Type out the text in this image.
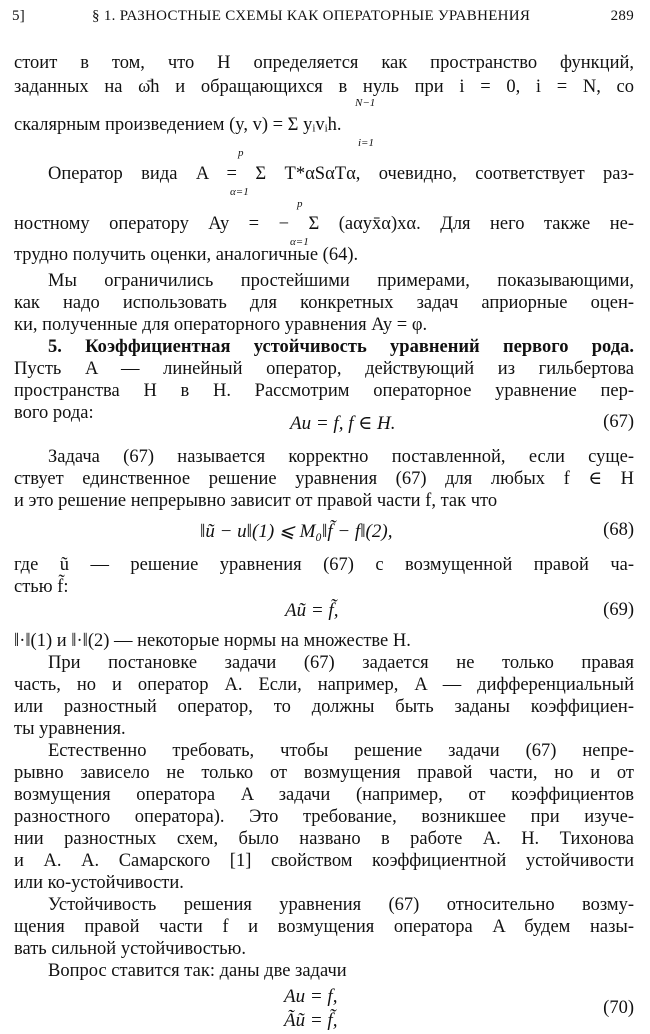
5]	§ 1. РАЗНОСТНЫЕ СХЕМЫ КАК ОПЕРАТОРНЫЕ УРАВНЕНИЯ	289
стоит в том, что H определяется как пространство функций,
заданных на ω̄h и обращающихся в нуль при i = 0, i = N, со
скалярным произведением (y, v) = Σ yᵢvᵢh.
N−1
i=1
Оператор вида A = Σ T*αSαTα, очевидно, соответствует раз-
p
α=1
ностному оператору Ay = − Σ (aαyx̄α)xα. Для него также не-
p
α=1
трудно получить оценки, аналогичные (64).
Мы ограничились простейшими примерами, показывающими,
как надо использовать для конкретных задач априорные оцен-
ки, полученные для операторного уравнения Ay = φ.
5. Коэффициентная устойчивость уравнений первого рода.
Пусть A — линейный оператор, действующий из гильбертова
пространства H в H. Рассмотрим операторное уравнение пер-
вого рода:	Au = f, f ∈ H.	(67)
Задача (67) называется корректно поставленной, если суще-
ствует единственное решение уравнения (67) для любых f ∈ H
и это решение непрерывно зависит от правой части f, так что
‖ũ − u‖(1) ⩽ M₀‖f̃ − f‖(2),	(68)
где ũ — решение уравнения (67) с возмущенной правой ча-
стью f̃:
Aũ = f̃,	(69)
‖·‖(1) и ‖·‖(2) — некоторые нормы на множестве H.
При постановке задачи (67) задается не только правая
часть, но и оператор A. Если, например, A — дифференциальный
или разностный оператор, то должны быть заданы коэффициен-
ты уравнения.
Естественно требовать, чтобы решение задачи (67) непре-
рывно зависело не только от возмущения правой части, но и от
возмущения оператора A задачи (например, от коэффициентов
разностного оператора). Это требование, возникшее при изуче-
нии разностных схем, было названо в работе А. Н. Тихонова
и А. А. Самарского [1] свойством коэффициентной устойчивости
или ко-устойчивости.
Устойчивость решения уравнения (67) относительно возму-
щения правой части f и возмущения оператора A будем назы-
вать сильной устойчивостью.
Вопрос ставится так: даны две задачи
Au = f,
Ãũ = f̃,
(70)
